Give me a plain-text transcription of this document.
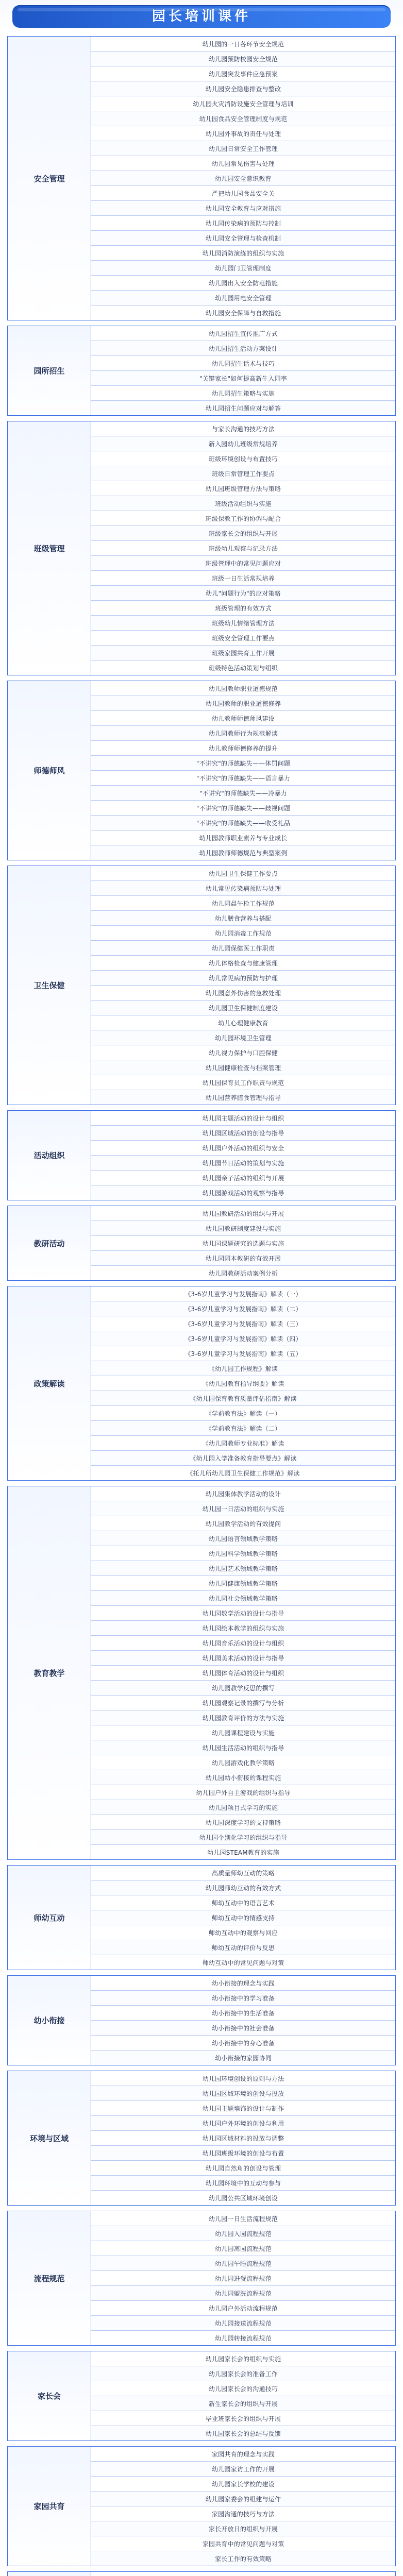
园长培训课件
安全管理
幼儿园的一日各环节安全规范
幼儿园预防校园安全规范
幼儿园突发事件应急预案
幼儿园安全隐患排查与整改
幼儿园火灾消防设施安全管理与培训
幼儿园食品安全管理制度与规范
幼儿园外事故的责任与处理
幼儿园日常安全工作管理
幼儿园常见伤害与处理
幼儿园安全意识教育
严把幼儿园食品安全关
幼儿园安全教育与应对措施
幼儿园传染病的预防与控制
幼儿园安全管理与检查机制
幼儿园消防演练的组织与实施
幼儿园门卫管理制度
幼儿园出入安全防范措施
幼儿园用电安全管理
幼儿园安全保障与自救措施
园所招生
幼儿园招生宣传推广方式
幼儿园招生活动方案设计
幼儿园招生话术与技巧
"关键家长"如何提高新生入园率
幼儿园招生策略与实施
幼儿园招生问题应对与解答
班级管理
与家长沟通的技巧方法
新入园幼儿班级常规培养
班级环境创设与布置技巧
班级日常管理工作要点
幼儿园班级管理方法与策略
班级活动组织与实施
班级保教工作的协调与配合
班级家长会的组织与开展
班级幼儿观察与记录方法
班级管理中的常见问题应对
班级一日生活常规培养
幼儿"问题行为"的应对策略
班级管理的有效方式
班级幼儿情绪管理方法
班级安全管理工作要点
班级家园共育工作开展
班级特色活动策划与组织
师德师风
幼儿园教师职业道德规范
幼儿园教师的职业道德修养
幼儿教师师德师风建设
幼儿园教师行为规范解读
幼儿教师师德修养的提升
"不讲究"的师德缺失——体罚问题
"不讲究"的师德缺失——语言暴力
"不讲究"的师德缺失——冷暴力
"不讲究"的师德缺失——歧视问题
"不讲究"的师德缺失——收受礼品
幼儿园教师职业素养与专业成长
幼儿园教师师德规范与典型案例
卫生保健
幼儿园卫生保健工作要点
幼儿常见传染病预防与处理
幼儿园晨午检工作规范
幼儿膳食营养与搭配
幼儿园消毒工作规范
幼儿园保健医工作职责
幼儿体格检查与健康管理
幼儿常见病的预防与护理
幼儿园意外伤害的急救处理
幼儿园卫生保健制度建设
幼儿心理健康教育
幼儿园环境卫生管理
幼儿视力保护与口腔保健
幼儿园健康检查与档案管理
幼儿园保育员工作职责与规范
幼儿园营养膳食管理与指导
活动组织
幼儿园主题活动的设计与组织
幼儿园区域活动的创设与指导
幼儿园户外活动的组织与安全
幼儿园节日活动的策划与实施
幼儿园亲子活动的组织与开展
幼儿园游戏活动的观察与指导
教研活动
幼儿园教研活动的组织与开展
幼儿园教研制度建设与实施
幼儿园课题研究的选题与实施
幼儿园园本教研的有效开展
幼儿园教研活动案例分析
政策解读
《3-6岁儿童学习与发展指南》解读（一）
《3-6岁儿童学习与发展指南》解读（二）
《3-6岁儿童学习与发展指南》解读（三）
《3-6岁儿童学习与发展指南》解读（四）
《3-6岁儿童学习与发展指南》解读（五）
《幼儿园工作规程》解读
《幼儿园教育指导纲要》解读
《幼儿园保育教育质量评估指南》解读
《学前教育法》解读（一）
《学前教育法》解读（二）
《幼儿园教师专业标准》解读
《幼儿园入学准备教育指导要点》解读
《托儿所幼儿园卫生保健工作规范》解读
教育教学
幼儿园集体教学活动的设计
幼儿园一日活动的组织与实施
幼儿园教学活动的有效提问
幼儿园语言领域教学策略
幼儿园科学领域教学策略
幼儿园艺术领域教学策略
幼儿园健康领域教学策略
幼儿园社会领域教学策略
幼儿园数学活动的设计与指导
幼儿园绘本教学的组织与实施
幼儿园音乐活动的设计与组织
幼儿园美术活动的设计与指导
幼儿园体育活动的设计与组织
幼儿园教学反思的撰写
幼儿园观察记录的撰写与分析
幼儿园教育评价的方法与实施
幼儿园课程建设与实施
幼儿园生活活动的组织与指导
幼儿园游戏化教学策略
幼儿园幼小衔接的课程实施
幼儿园户外自主游戏的组织与指导
幼儿园项目式学习的实施
幼儿园深度学习的支持策略
幼儿园个别化学习的组织与指导
幼儿园STEAM教育的实施
师幼互动
高质量师幼互动的策略
幼儿园师幼互动的有效方式
师幼互动中的语言艺术
师幼互动中的情感支持
师幼互动中的观察与回应
师幼互动的评价与反思
师幼互动中的常见问题与对策
幼小衔接
幼小衔接的理念与实践
幼小衔接中的学习准备
幼小衔接中的生活准备
幼小衔接中的社会准备
幼小衔接中的身心准备
幼小衔接的家园协同
环境与区域
幼儿园环境创设的原则与方法
幼儿园区域环境的创设与投放
幼儿园主题墙饰的设计与制作
幼儿园户外环境的创设与利用
幼儿园区域材料的投放与调整
幼儿园班级环境的创设与布置
幼儿园自然角的创设与管理
幼儿园环境中的互动与参与
幼儿园公共区域环境创设
流程规范
幼儿园一日生活流程规范
幼儿园入园流程规范
幼儿园离园流程规范
幼儿园午睡流程规范
幼儿园进餐流程规范
幼儿园盥洗流程规范
幼儿园户外活动流程规范
幼儿园接送流程规范
幼儿园转接流程规范
家长会
幼儿园家长会的组织与实施
幼儿园家长会的准备工作
幼儿园家长会的沟通技巧
新生家长会的组织与开展
毕业班家长会的组织与开展
幼儿园家长会的总结与反馈
家园共育
家园共育的理念与实践
幼儿园家访工作的开展
幼儿园家长学校的建设
幼儿园家委会的组建与运作
家园沟通的技巧与方法
家长开放日的组织与开展
家园共育中的常见问题与对策
家长工作的有效策略
